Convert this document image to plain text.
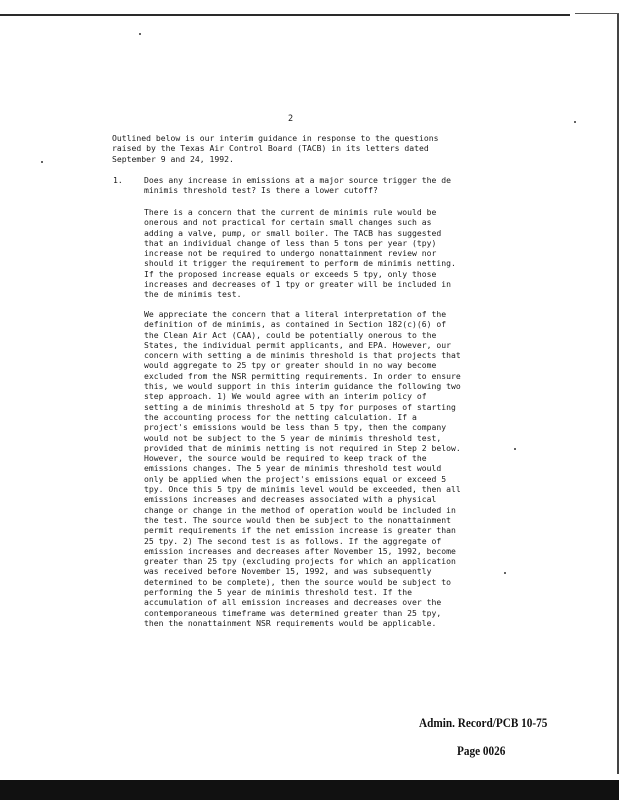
2

Outlined below is our interim guidance in response to the questions
raised by the Texas Air Control Board (TACB) in its letters dated
September 9 and 24, 1992.

1.	Does any increase in emissions at a major source trigger the de
minimis threshold test? Is there a lower cutoff?

There is a concern that the current de minimis rule would be
onerous and not practical for certain small changes such as
adding a valve, pump, or small boiler. The TACB has suggested
that an individual change of less than 5 tons per year (tpy)
increase not be required to undergo nonattainment review nor
should it trigger the requirement to perform de minimis netting.
If the proposed increase equals or exceeds 5 tpy, only those
increases and decreases of 1 tpy or greater will be included in
the de minimis test.

We appreciate the concern that a literal interpretation of the
definition of de minimis, as contained in Section 182(c)(6) of
the Clean Air Act (CAA), could be potentially onerous to the
States, the individual permit applicants, and EPA. However, our
concern with setting a de minimis threshold is that projects that
would aggregate to 25 tpy or greater should in no way become
excluded from the NSR permitting requirements. In order to ensure
this, we would support in this interim guidance the following two
step approach. 1) We would agree with an interim policy of
setting a de minimis threshold at 5 tpy for purposes of starting
the accounting process for the netting calculation. If a
project's emissions would be less than 5 tpy, then the company
would not be subject to the 5 year de minimis threshold test,
provided that de minimis netting is not required in Step 2 below.
However, the source would be required to keep track of the
emissions changes. The 5 year de minimis threshold test would
only be applied when the project's emissions equal or exceed 5
tpy. Once this 5 tpy de minimis level would be exceeded, then all
emissions increases and decreases associated with a physical
change or change in the method of operation would be included in
the test. The source would then be subject to the nonattainment
permit requirements if the net emission increase is greater than
25 tpy. 2) The second test is as follows. If the aggregate of
emission increases and decreases after November 15, 1992, become
greater than 25 tpy (excluding projects for which an application
was received before November 15, 1992, and was subsequently
determined to be complete), then the source would be subject to
performing the 5 year de minimis threshold test. If the
accumulation of all emission increases and decreases over the
contemporaneous timeframe was determined greater than 25 tpy,
then the nonattainment NSR requirements would be applicable.

Admin. Record/PCB 10-75
Page 0026
